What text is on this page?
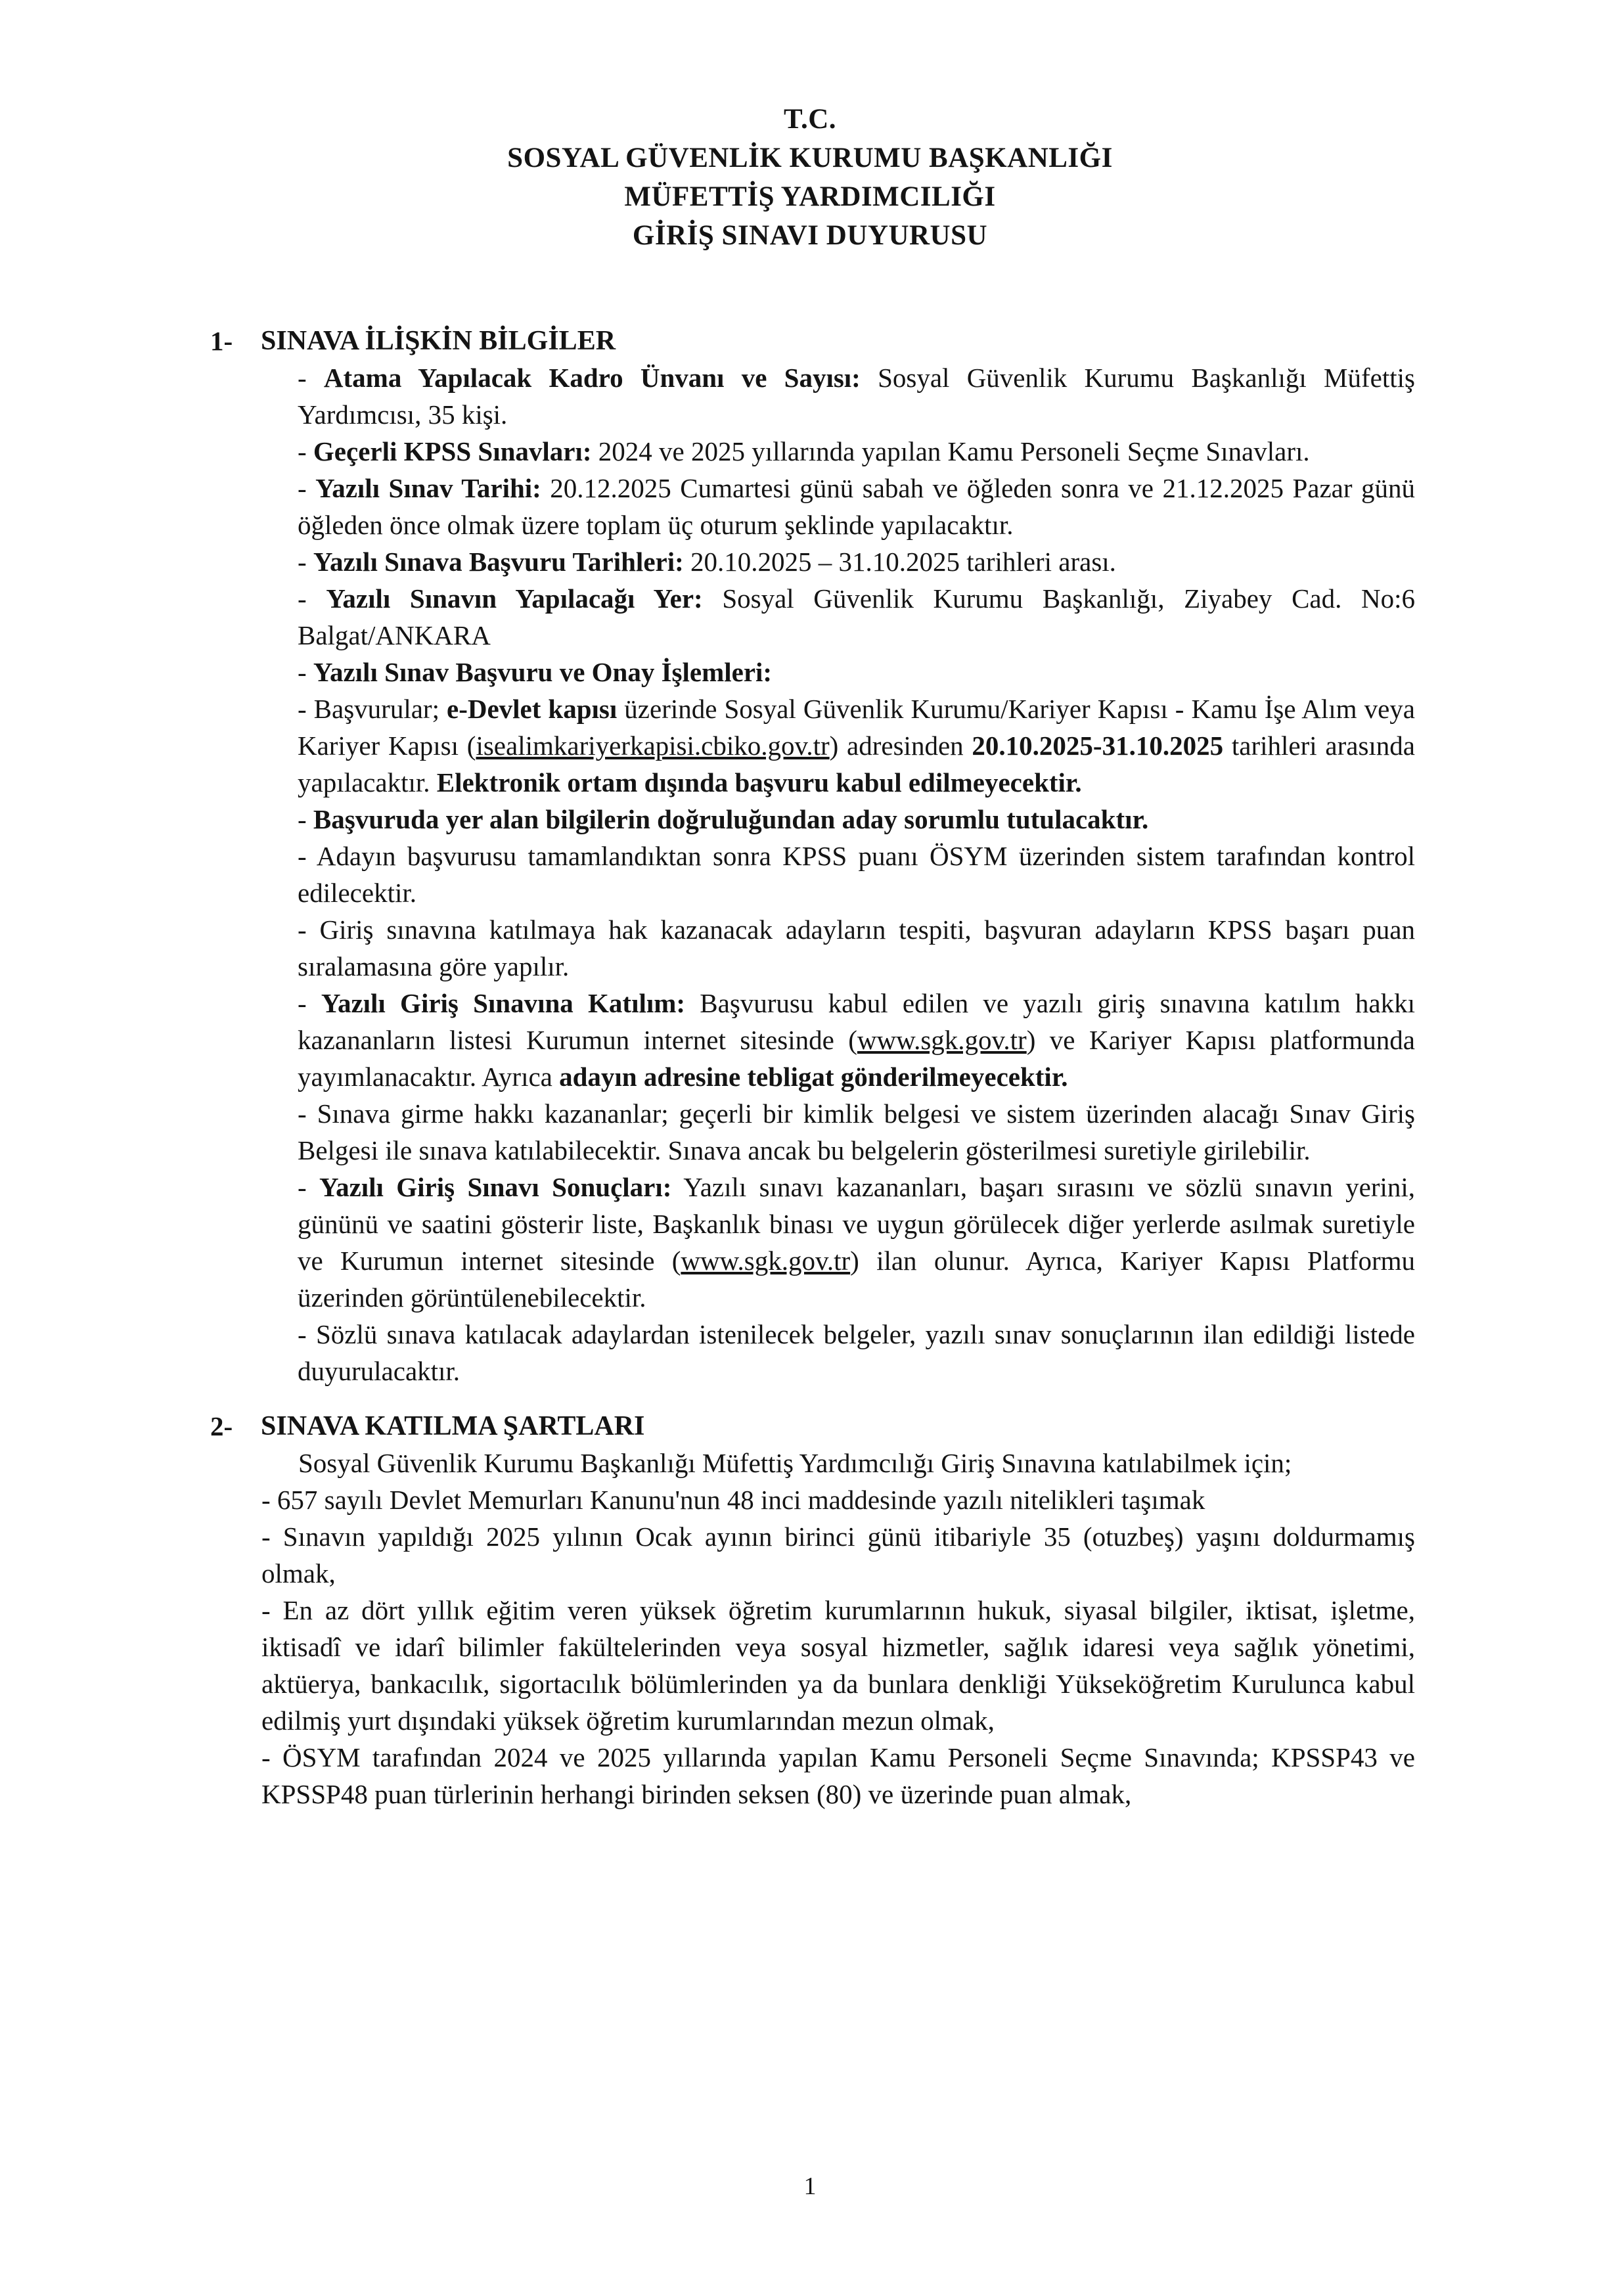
T.C.
SOSYAL GÜVENLİK KURUMU BAŞKANLIĞI
MÜFETTİŞ YARDIMCILIĞI
GİRİŞ SINAVI DUYURUSU
1- SINAVA İLİŞKİN BİLGİLER

- Atama Yapılacak Kadro Ünvanı ve Sayısı: Sosyal Güvenlik Kurumu Başkanlığı Müfettiş Yardımcısı, 35 kişi.

- Geçerli KPSS Sınavları: 2024 ve 2025 yıllarında yapılan Kamu Personeli Seçme Sınavları.

- Yazılı Sınav Tarihi: 20.12.2025 Cumartesi günü sabah ve öğleden sonra ve 21.12.2025 Pazar günü öğleden önce olmak üzere toplam üç oturum şeklinde yapılacaktır.

- Yazılı Sınava Başvuru Tarihleri: 20.10.2025 – 31.10.2025 tarihleri arası.

- Yazılı Sınavın Yapılacağı Yer: Sosyal Güvenlik Kurumu Başkanlığı, Ziyabey Cad. No:6 Balgat/ANKARA

- Yazılı Sınav Başvuru ve Onay İşlemleri:

- Başvurular; e-Devlet kapısı üzerinde Sosyal Güvenlik Kurumu/Kariyer Kapısı - Kamu İşe Alım veya Kariyer Kapısı (isealimkariyerkapisi.cbiko.gov.tr) adresinden 20.10.2025-31.10.2025 tarihleri arasında yapılacaktır. Elektronik ortam dışında başvuru kabul edilmeyecektir.

- Başvuruda yer alan bilgilerin doğruluğundan aday sorumlu tutulacaktır.

- Adayın başvurusu tamamlandıktan sonra KPSS puanı ÖSYM üzerinden sistem tarafından kontrol edilecektir.

- Giriş sınavına katılmaya hak kazanacak adayların tespiti, başvuran adayların KPSS başarı puan sıralamasına göre yapılır.

- Yazılı Giriş Sınavına Katılım: Başvurusu kabul edilen ve yazılı giriş sınavına katılım hakkı kazananların listesi Kurumun internet sitesinde (www.sgk.gov.tr) ve Kariyer Kapısı platformunda yayımlanacaktır. Ayrıca adayın adresine tebligat gönderilmeyecektir.

- Sınava girme hakkı kazananlar; geçerli bir kimlik belgesi ve sistem üzerinden alacağı Sınav Giriş Belgesi ile sınava katılabilecektir. Sınava ancak bu belgelerin gösterilmesi suretiyle girilebilir.

- Yazılı Giriş Sınavı Sonuçları: Yazılı sınavı kazananları, başarı sırasını ve sözlü sınavın yerini, gününü ve saatini gösterir liste, Başkanlık binası ve uygun görülecek diğer yerlerde asılmak suretiyle ve Kurumun internet sitesinde (www.sgk.gov.tr) ilan olunur. Ayrıca, Kariyer Kapısı Platformu üzerinden görüntülenebilecektir.

- Sözlü sınava katılacak adaylardan istenilecek belgeler, yazılı sınav sonuçlarının ilan edildiği listede duyurulacaktır.

2- SINAVA KATILMA ŞARTLARI

Sosyal Güvenlik Kurumu Başkanlığı Müfettiş Yardımcılığı Giriş Sınavına katılabilmek için;

- 657 sayılı Devlet Memurları Kanunu'nun 48 inci maddesinde yazılı nitelikleri taşımak

- Sınavın yapıldığı 2025 yılının Ocak ayının birinci günü itibariyle 35 (otuzbeş) yaşını doldurmamış olmak,

- En az dört yıllık eğitim veren yüksek öğretim kurumlarının hukuk, siyasal bilgiler, iktisat, işletme, iktisadî ve idarî bilimler fakültelerinden veya sosyal hizmetler, sağlık idaresi veya sağlık yönetimi, aktüerya, bankacılık, sigortacılık bölümlerinden ya da bunlara denkliği Yükseköğretim Kurulunca kabul edilmiş yurt dışındaki yüksek öğretim kurumlarından mezun olmak,

- ÖSYM tarafından 2024 ve 2025 yıllarında yapılan Kamu Personeli Seçme Sınavında; KPSSP43 ve KPSSP48 puan türlerinin herhangi birinden seksen (80) ve üzerinde puan almak,

1
